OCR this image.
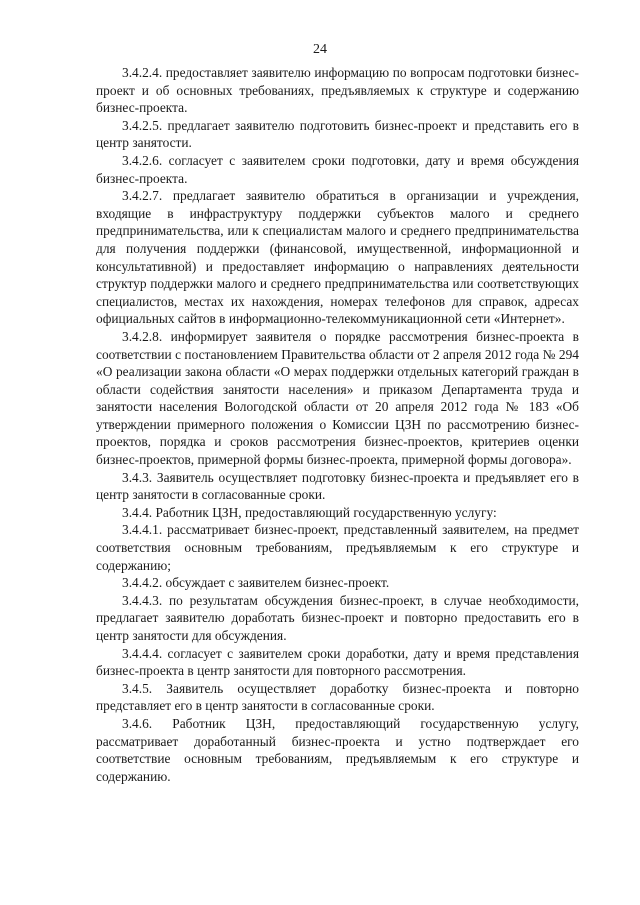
24

3.4.2.4. предоставляет заявителю информацию по вопросам подготовки бизнес-проект и об основных требованиях, предъявляемых к структуре и содержанию бизнес-проекта.

3.4.2.5. предлагает заявителю подготовить бизнес-проект и представить его в центр занятости.

3.4.2.6. согласует с заявителем сроки подготовки, дату и время обсуждения бизнес-проекта.

3.4.2.7. предлагает заявителю обратиться в организации и учреждения, входящие в инфраструктуру поддержки субъектов малого и среднего предпринимательства, или к специалистам малого и среднего предпринимательства для получения поддержки (финансовой, имущественной, информационной и консультативной) и предоставляет информацию о направлениях деятельности структур поддержки малого и среднего предпринимательства или соответствующих специалистов, местах их нахождения, номерах телефонов для справок, адресах официальных сайтов в информационно-телекоммуникационной сети «Интернет».

3.4.2.8. информирует заявителя о порядке рассмотрения бизнес-проекта в соответствии с постановлением Правительства области от 2 апреля 2012 года № 294 «О реализации закона области «О мерах поддержки отдельных категорий граждан в области содействия занятости населения» и приказом Департамента труда и занятости населения Вологодской области от 20 апреля 2012 года № 183 «Об утверждении примерного положения о Комиссии ЦЗН по рассмотрению бизнес-проектов, порядка и сроков рассмотрения бизнес-проектов, критериев оценки бизнес-проектов, примерной формы бизнес-проекта, примерной формы договора».

3.4.3. Заявитель осуществляет подготовку бизнес-проекта и предъявляет его в центр занятости в согласованные сроки.

3.4.4. Работник ЦЗН, предоставляющий государственную услугу:

3.4.4.1. рассматривает бизнес-проект, представленный заявителем, на предмет соответствия основным требованиям, предъявляемым к его структуре и содержанию;

3.4.4.2. обсуждает с заявителем бизнес-проект.

3.4.4.3. по результатам обсуждения бизнес-проект, в случае необходимости, предлагает заявителю доработать бизнес-проект и повторно предоставить его в центр занятости для обсуждения.

3.4.4.4. согласует с заявителем сроки доработки, дату и время представления бизнес-проекта в центр занятости для повторного рассмотрения.

3.4.5. Заявитель осуществляет доработку бизнес-проекта и повторно представляет его в центр занятости в согласованные сроки.

3.4.6. Работник ЦЗН, предоставляющий государственную услугу, рассматривает доработанный бизнес-проекта и устно подтверждает его соответствие основным требованиям, предъявляемым к его структуре и содержанию.
